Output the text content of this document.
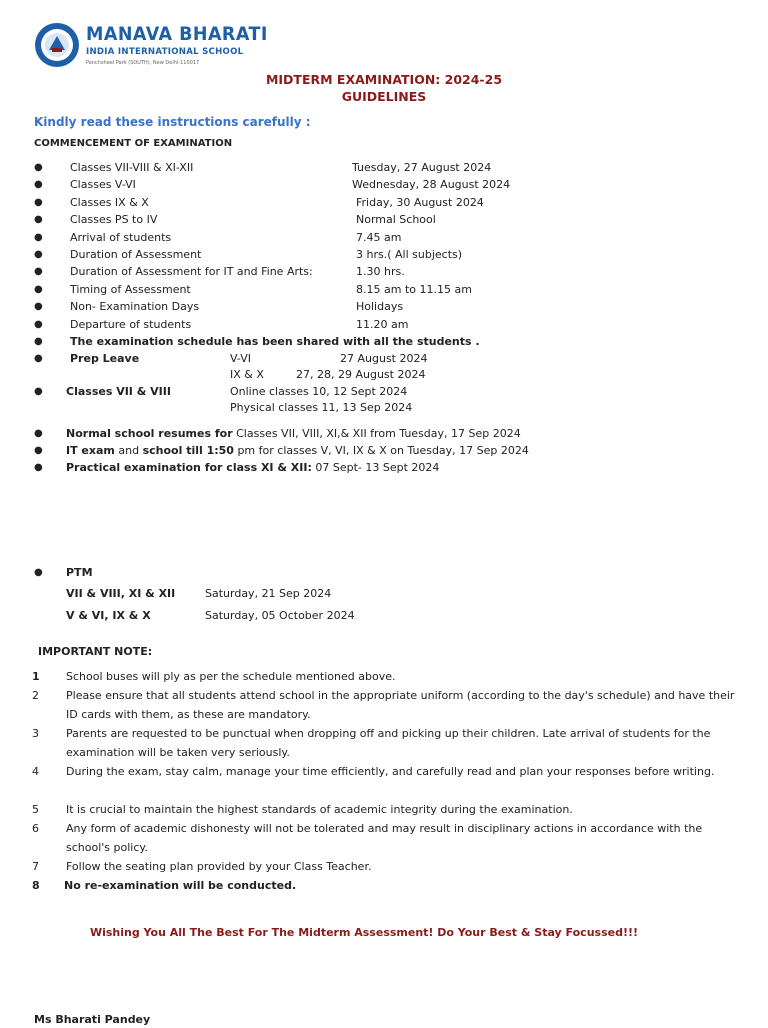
MANAVA BHARATI
INDIA INTERNATIONAL SCHOOL
Panchsheel Park (SOUTH), New Delhi-110017
MIDTERM EXAMINATION: 2024-25
GUIDELINES
Kindly read these instructions carefully :
COMMENCEMENT OF EXAMINATION
● Classes VII-VIII & XI-XII	Tuesday, 27 August 2024
● Classes V-VI	Wednesday, 28 August 2024
● Classes IX & X	Friday, 30 August 2024
● Classes PS to IV	Normal School
● Arrival of students	7.45 am
● Duration of Assessment	3 hrs.( All subjects)
● Duration of Assessment for IT and Fine Arts:	1.30 hrs.
● Timing of Assessment	8.15 am to 11.15 am
● Non- Examination Days	Holidays
● Departure of students	11.20 am
● The examination schedule has been shared with all the students .
● Prep Leave	V-VI	27 August 2024
IX & X	27, 28, 29 August 2024
● Classes VII & VIII	Online classes 10, 12 Sept 2024
Physical classes 11, 13 Sep 2024
● Normal school resumes for Classes VII, VIII, XI,& XII from Tuesday, 17 Sep 2024
● IT exam and school till 1:50 pm for classes V, VI, IX & X on Tuesday, 17 Sep 2024
● Practical examination for class XI & XII: 07 Sept- 13 Sept 2024
● PTM
VII & VIII, XI & XII	Saturday, 21 Sep 2024
V & VI, IX & X	Saturday, 05 October 2024
IMPORTANT NOTE:
1 School buses will ply as per the schedule mentioned above.
2 Please ensure that all students attend school in the appropriate uniform (according to the day's schedule) and have their ID cards with them, as these are mandatory.
3 Parents are requested to be punctual when dropping off and picking up their children. Late arrival of students for the examination will be taken very seriously.
4 During the exam, stay calm, manage your time efficiently, and carefully read and plan your responses before writing.
5 It is crucial to maintain the highest standards of academic integrity during the examination.
6 Any form of academic dishonesty will not be tolerated and may result in disciplinary actions in accordance with the school's policy.
7 Follow the seating plan provided by your Class Teacher.
8 No re-examination will be conducted.
Wishing You All The Best For The Midterm Assessment! Do Your Best & Stay Focussed!!!
Ms Bharati Pandey
